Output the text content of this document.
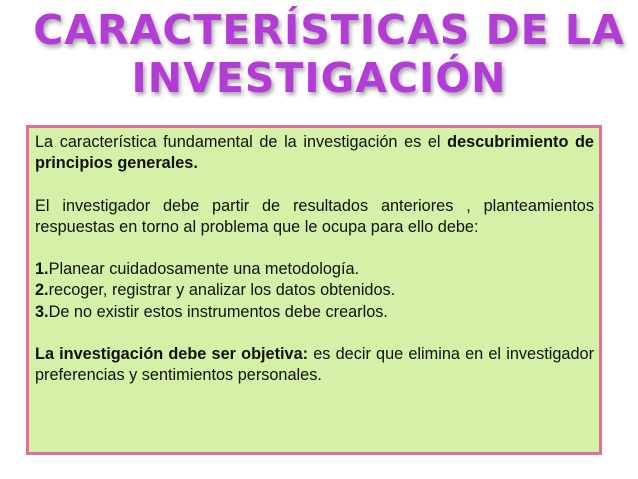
CARACTERÍSTICAS DE LA
INVESTIGACIÓN

La característica fundamental de la investigación es el descubrimiento de principios generales.

El investigador debe partir de resultados anteriores , planteamientos respuestas en torno al problema que le ocupa para ello debe:

1.Planear cuidadosamente una metodología.
2.recoger, registrar y analizar los datos obtenidos.
3.De no existir estos instrumentos debe crearlos.

La investigación debe ser objetiva: es decir que elimina en el investigador preferencias y sentimientos personales.
